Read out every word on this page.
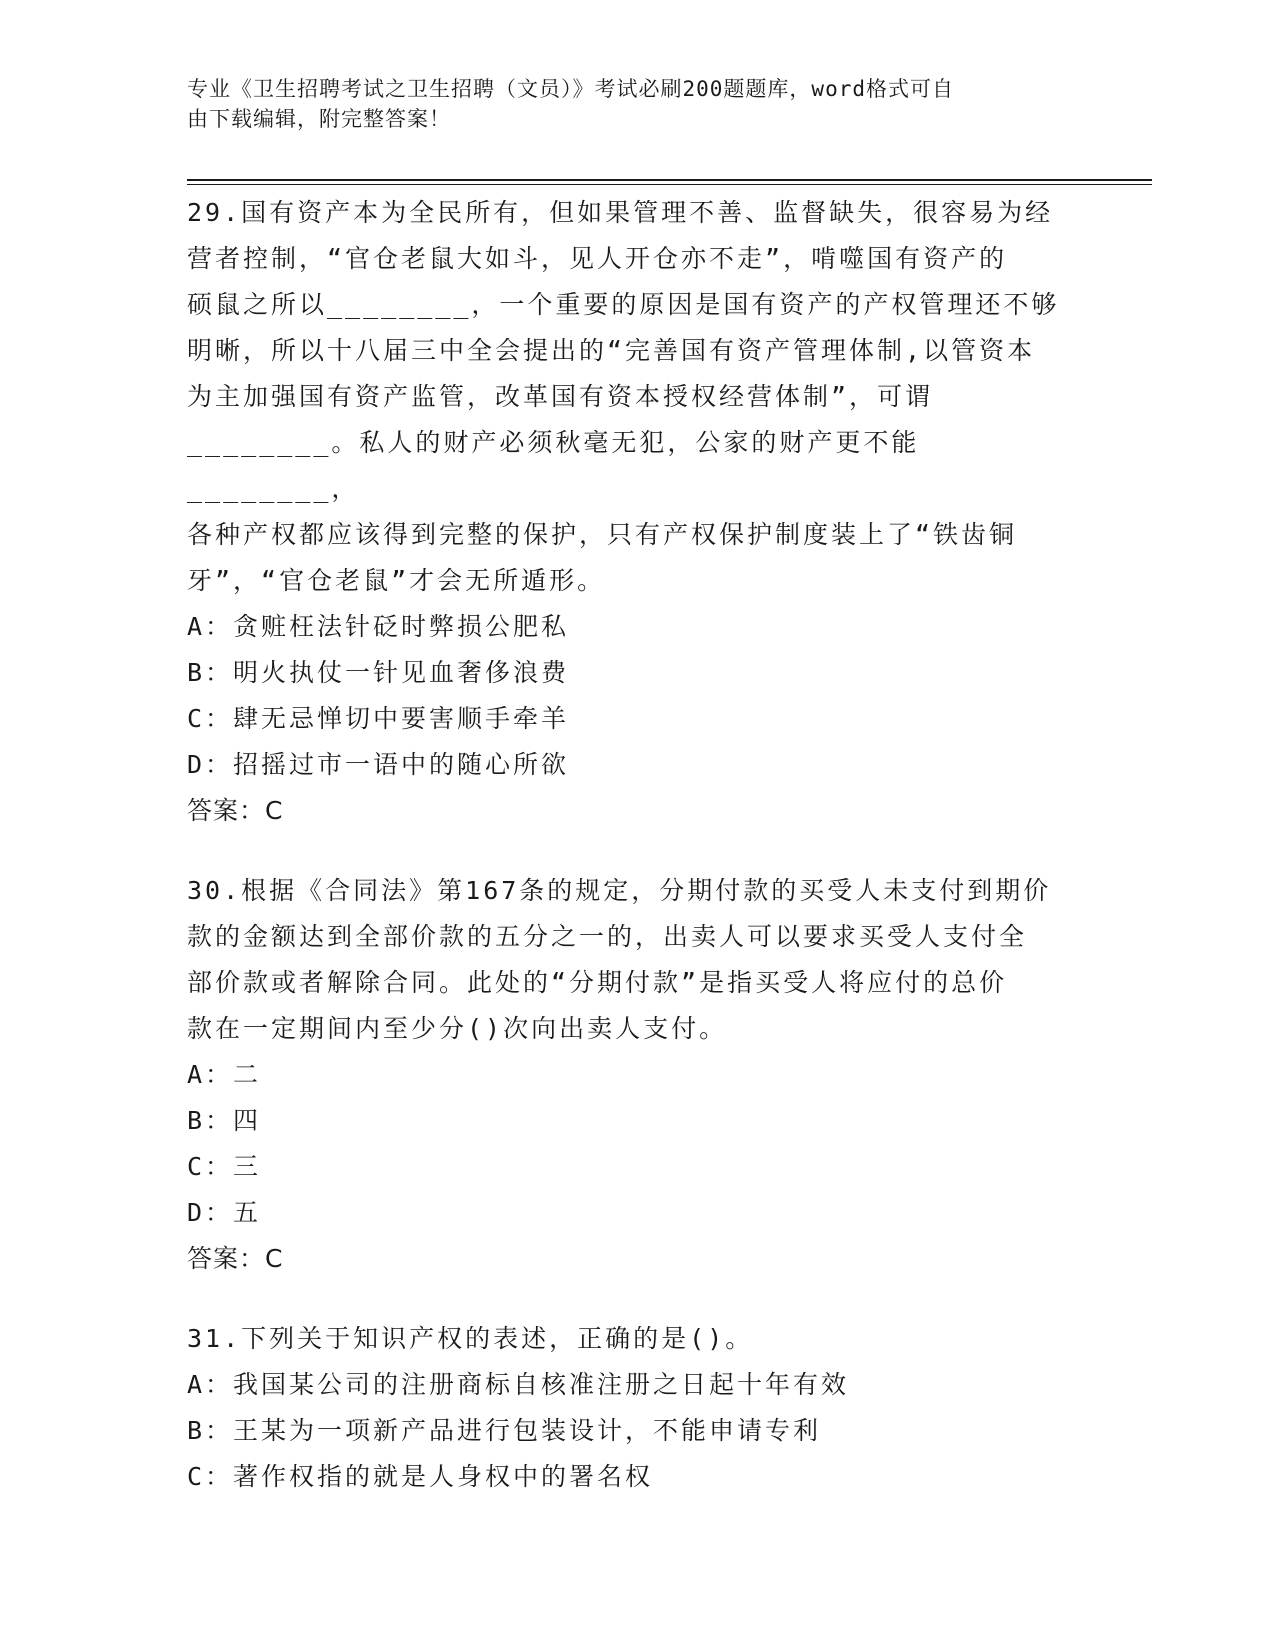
专业《卫生招聘考试之卫生招聘（文员）》考试必刷200题题库，word格式可自
由下载编辑，附完整答案！
29.国有资产本为全民所有，但如果管理不善、监督缺失，很容易为经
营者控制，“官仓老鼠大如斗，见人开仓亦不走”，啃噬国有资产的
硕鼠之所以________，一个重要的原因是国有资产的产权管理还不够
明晰，所以十八届三中全会提出的“完善国有资产管理体制,以管资本
为主加强国有资产监管，改革国有资本授权经营体制”，可谓
________。私人的财产必须秋毫无犯，公家的财产更不能________，
各种产权都应该得到完整的保护，只有产权保护制度装上了“铁齿铜
牙”，“官仓老鼠”才会无所遁形。
A：贪赃枉法针砭时弊损公肥私
B：明火执仗一针见血奢侈浪费
C：肆无忌惮切中要害顺手牵羊
D：招摇过市一语中的随心所欲
答案：C
30.根据《合同法》第167条的规定，分期付款的买受人未支付到期价
款的金额达到全部价款的五分之一的，出卖人可以要求买受人支付全
部价款或者解除合同。此处的“分期付款”是指买受人将应付的总价
款在一定期间内至少分()次向出卖人支付。
A：二
B：四
C：三
D：五
答案：C
31.下列关于知识产权的表述，正确的是()。
A：我国某公司的注册商标自核准注册之日起十年有效
B：王某为一项新产品进行包装设计，不能申请专利
C：著作权指的就是人身权中的署名权
